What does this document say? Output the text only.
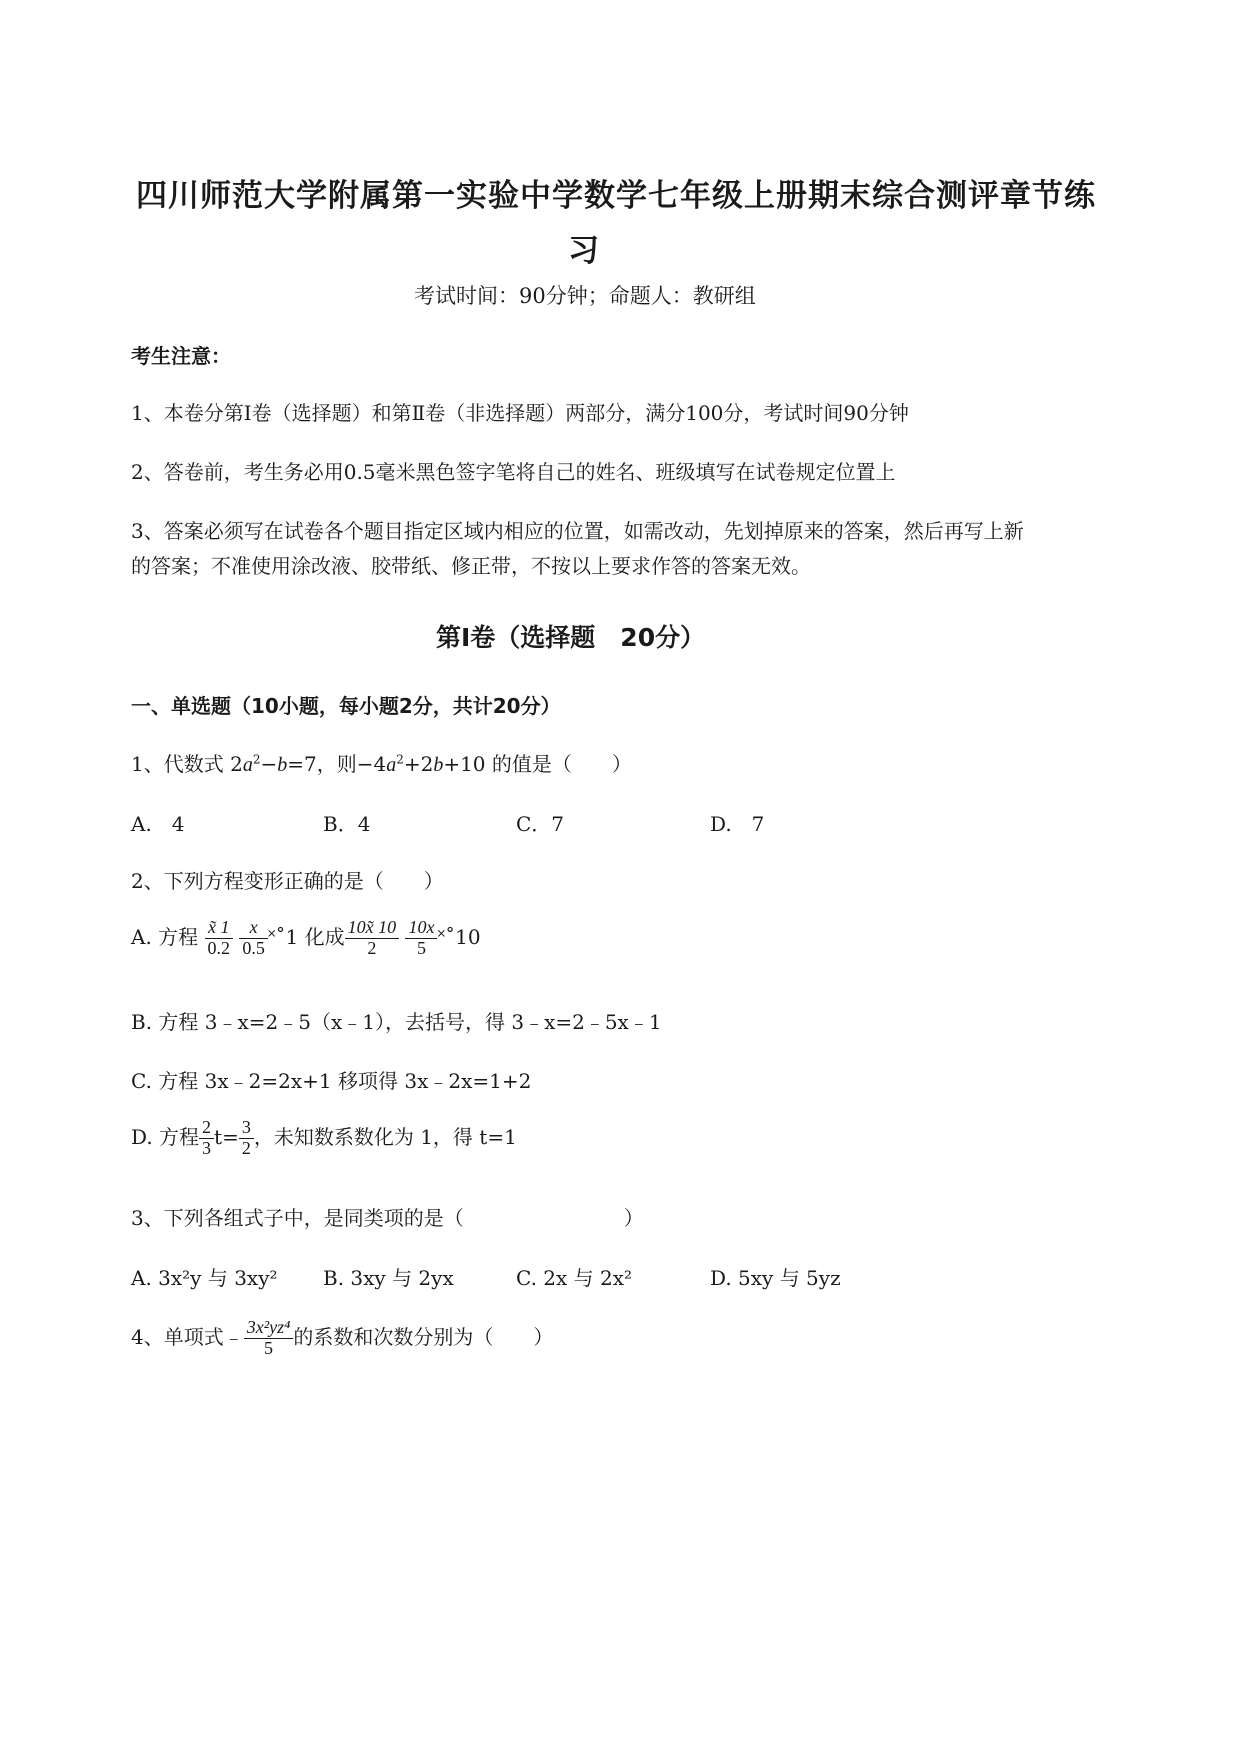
四川师范大学附属第一实验中学数学七年级上册期末综合测评章节练
习
考试时间：90分钟；命题人：教研组
考生注意：
1、本卷分第Ⅰ卷（选择题）和第Ⅱ卷（非选择题）两部分，满分100分，考试时间90分钟
2、答卷前，考生务必用0.5毫米黑色签字笔将自己的姓名、班级填写在试卷规定位置上
3、答案必须写在试卷各个题目指定区域内相应的位置，如需改动，先划掉原来的答案，然后再写上新
的答案；不准使用涂改液、胶带纸、修正带，不按以上要求作答的答案无效。
第Ⅰ卷（选择题　20分）
一、单选题（10小题，每小题2分，共计20分）
1、代数式 $2a^2-b=7$，则$-4a^2+2b+10$ 的值是（　　）
A.　4	B．4	C．7	D.　7
2、下列方程变形正确的是（　　）
A. 方程 $\frac{x̃ 1}{0.2}$
$\frac{x}{0.5}$ ˟˚1 化成 $\frac{10x̃ 10}{2}$
$\frac{10x}{5}$ ˟˚10
B. 方程 3﹣x=2﹣5（x﹣1），去括号，得 3﹣x=2﹣5x﹣1
C. 方程 3x﹣2=2x+1 移项得 3x﹣2x=1+2
D. 方程 $\frac{2}{3} t= \frac{3}{2}$ ，未知数系数化为 1，得 t=1
3、下列各组式子中，是同类项的是（　　　　　　　　）
A. 3x²y 与 3xy² B. 3xy 与 2yx	C. 2x 与 2x²	D. 5xy 与 5yz
4、单项式﹣ $\frac{\text{3x²yz⁴}}{5}$ 的系数和次数分别为（　　）
